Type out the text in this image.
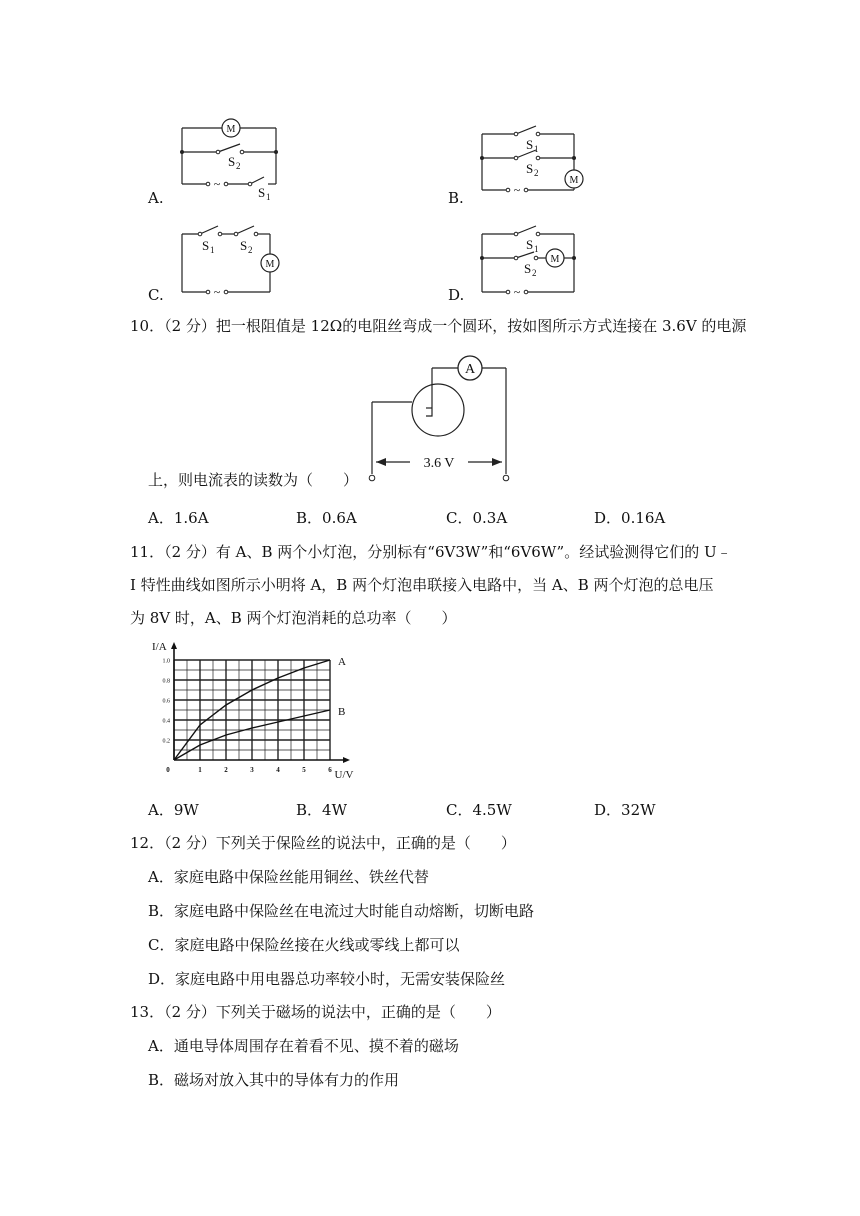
A.
M
S 2
~
S 1	B.
S 1
S 2
M
~
C.
S 1 S 2
M
~	D.
S 1
S 2
M
~
10．（2 分）把一根阻值是 12Ω的电阻丝弯成一个圆环，按如图所示方式连接在 3.6V 的电源
A
3.6 V
上，则电流表的读数为（　　）
A．1.6A	B．0.6A	C．0.3A	D．0.16A
11．（2 分）有 A、B 两个小灯泡，分别标有“6V3W”和“6V6W”。经试验测得它们的 U﹣
I 特性曲线如图所示小明将 A，B 两个灯泡串联接入电路中，当 A、B 两个灯泡的总电压
为 8V 时，A、B 两个灯泡消耗的总功率（　　）
0	1	2	3	4	5	6
0.2
0.4
0.6
0.8
1.0
U/V
I/A
A
B
A．9W	B．4W	C．4.5W	D．32W
12．（2 分）下列关于保险丝的说法中，正确的是（　　）
A．家庭电路中保险丝能用铜丝、铁丝代替
B．家庭电路中保险丝在电流过大时能自动熔断，切断电路
C．家庭电路中保险丝接在火线或零线上都可以
D．家庭电路中用电器总功率较小时，无需安装保险丝
13．（2 分）下列关于磁场的说法中，正确的是（　　）
A．通电导体周围存在着看不见、摸不着的磁场
B．磁场对放入其中的导体有力的作用
